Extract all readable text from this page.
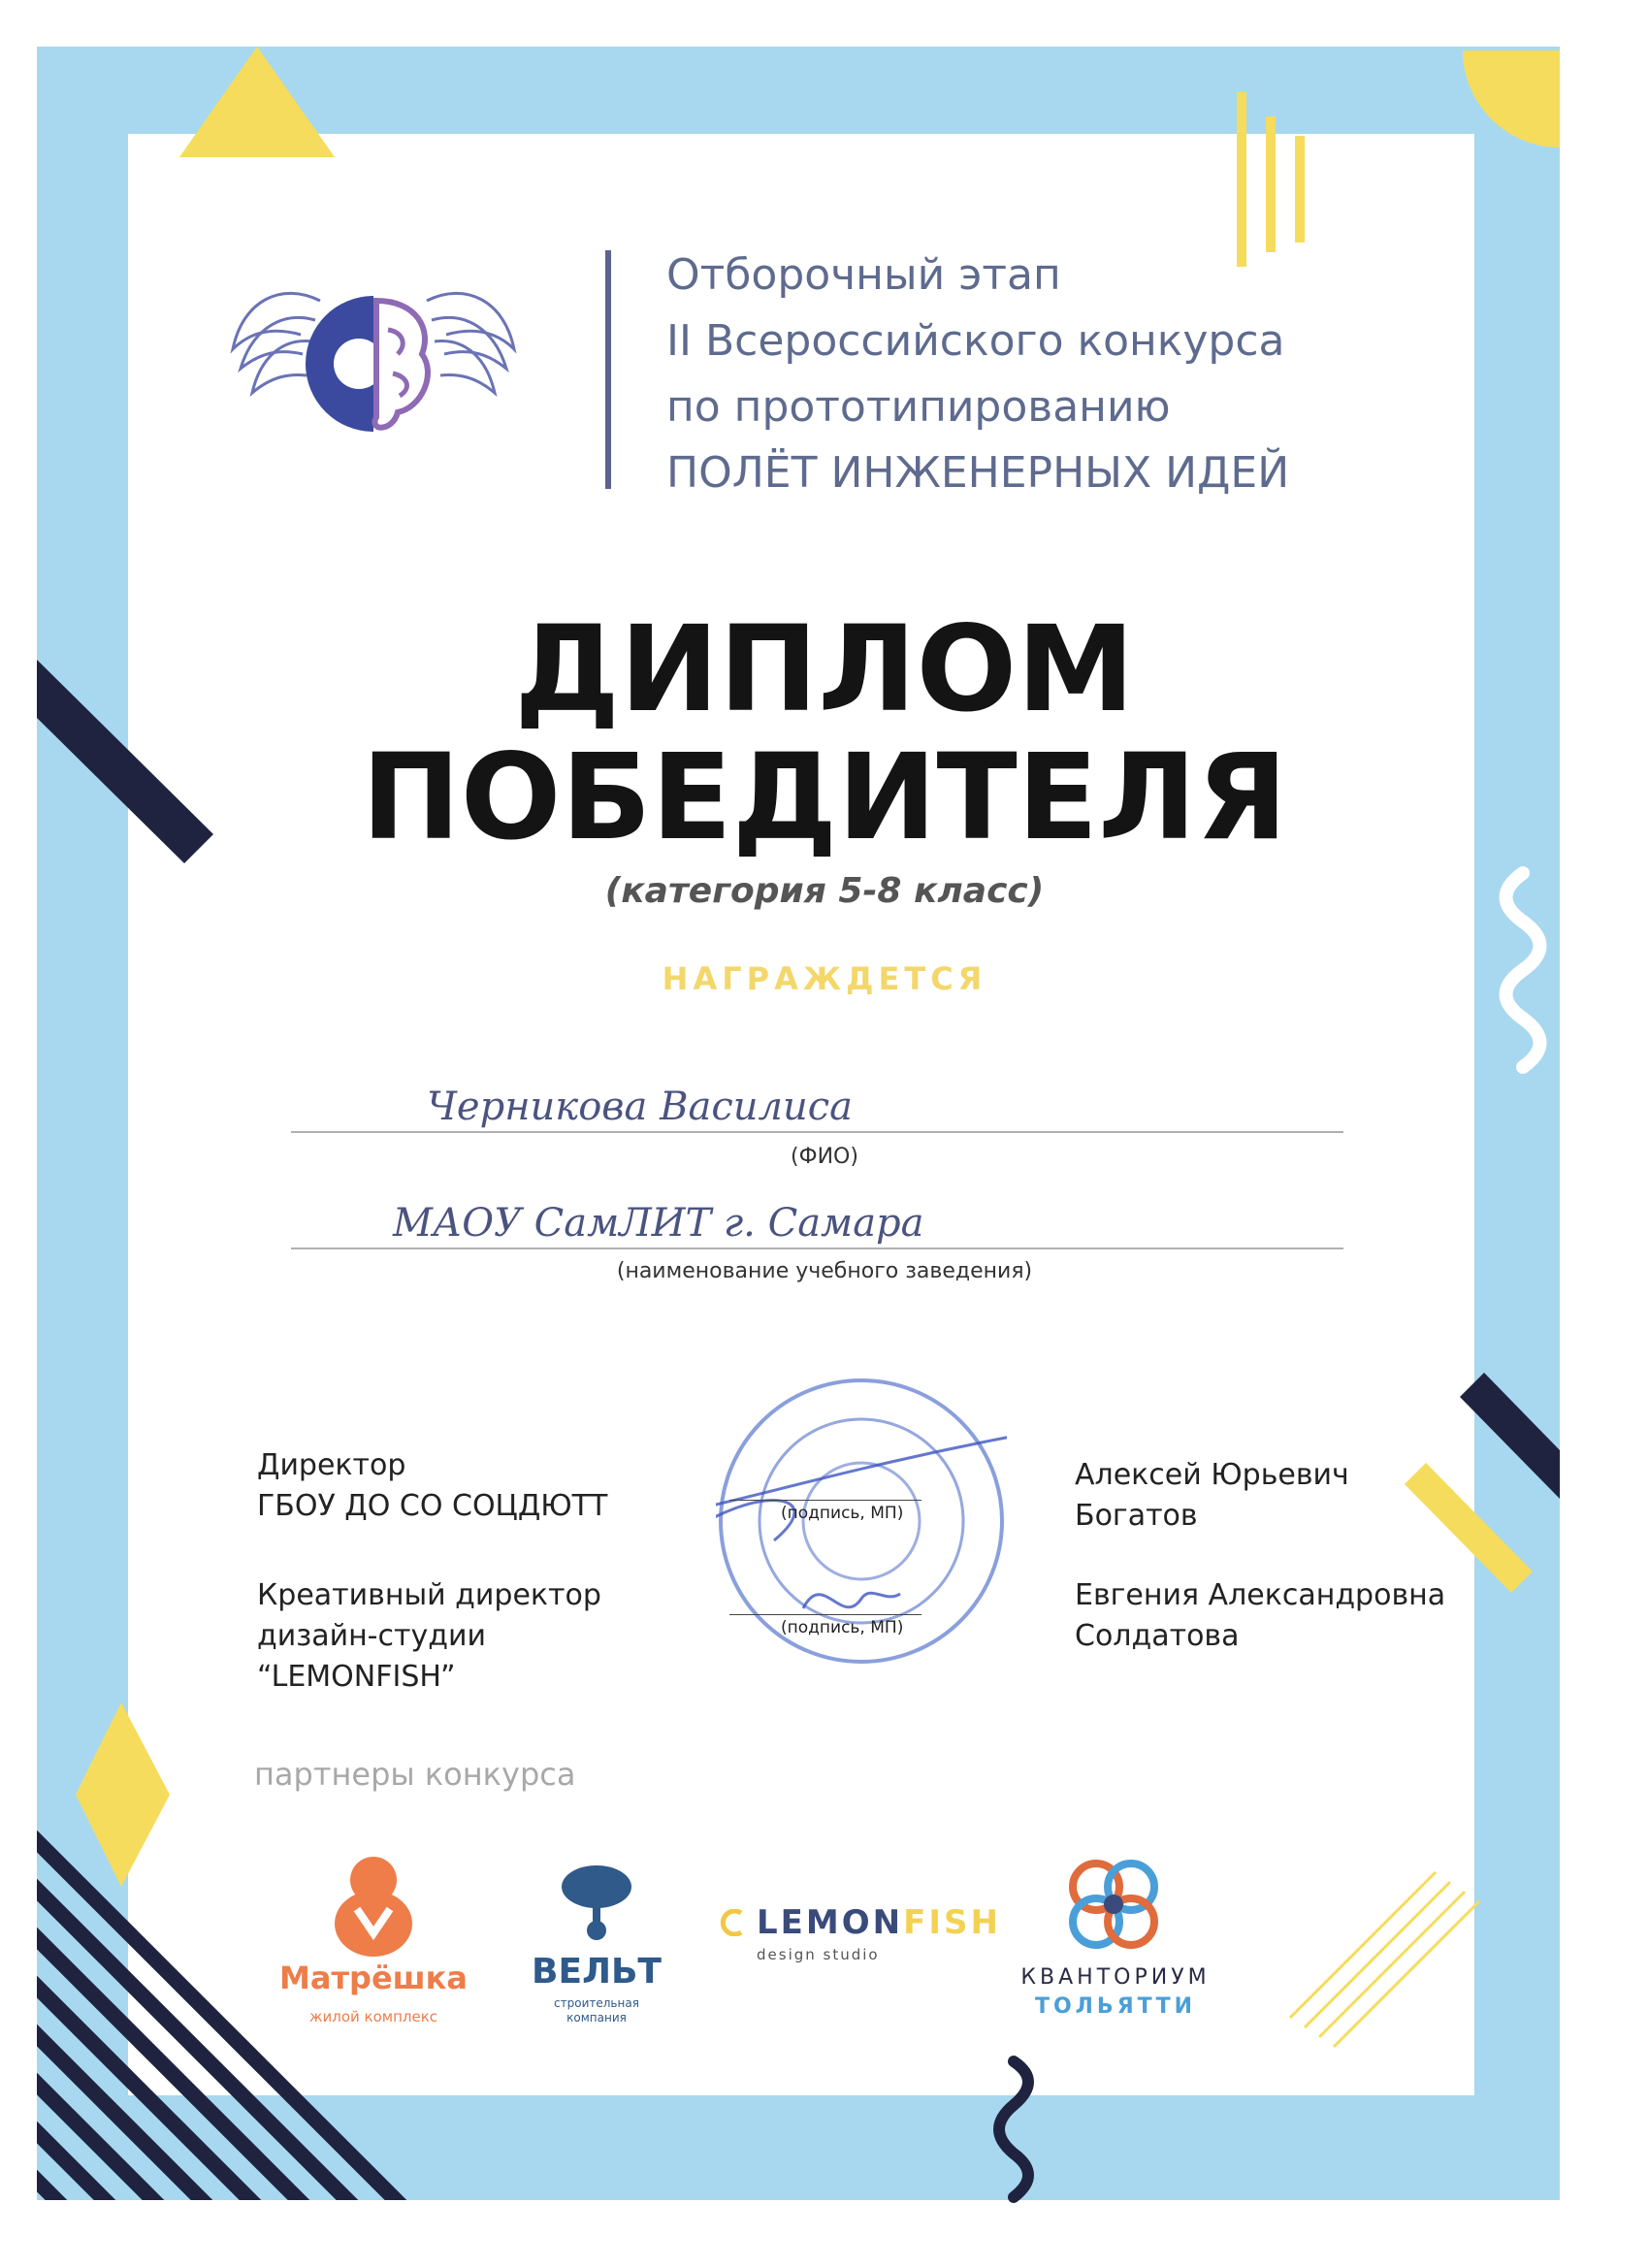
Отборочный этап
II Всероссийского конкурса
по прототипированию
ПОЛЁТ ИНЖЕНЕРНЫХ ИДЕЙ
ДИПЛОМ
ПОБЕДИТЕЛЯ
(категория 5-8 класс)
НАГРАЖДЕТСЯ
Черникова Василиса
(ФИО)
МАОУ СамЛИТ г. Самара
(наименование учебного заведения)
(подпись, МП)
(подпись, МП)
Директор
ГБОУ ДО СО СОЦДЮТТ
Алексей Юрьевич
Богатов
Креативный директор
дизайн-студии
“LEMONFISH”
Евгения Александровна
Солдатова
партнеры конкурса
Матрёшка
жилой комплекс
ВЕЛЬТ
строительная
компания
LEMONFISH
design studio
КВАНТОРИУМ
ТОЛЬЯТТИ
